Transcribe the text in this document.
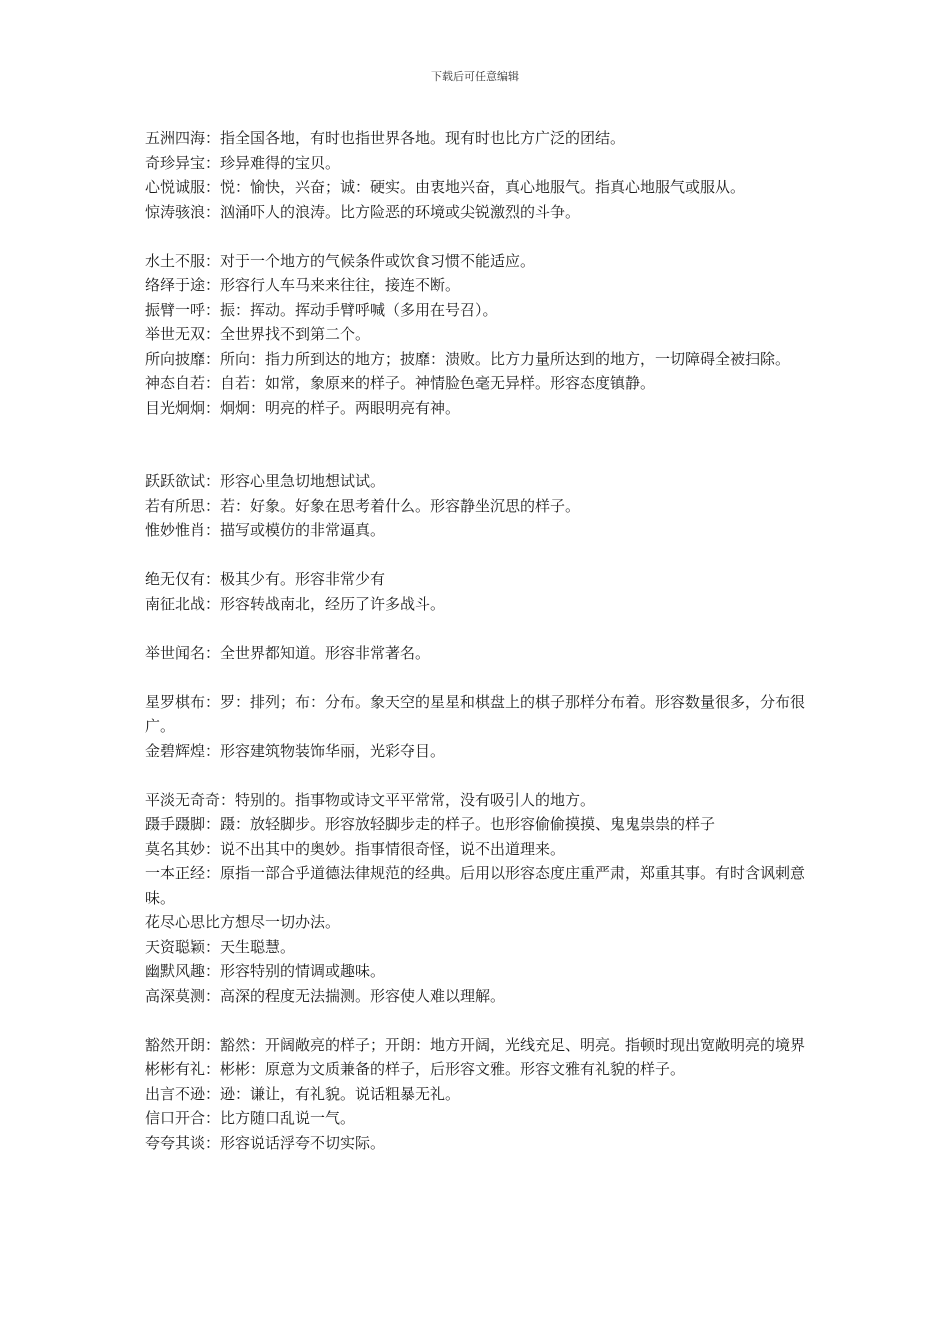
下载后可任意编辑

五洲四海：指全国各地，有时也指世界各地。现有时也比方广泛的团结。

奇珍异宝：珍异难得的宝贝。

心悦诚服：悦：愉快，兴奋；诚：硬实。由衷地兴奋，真心地服气。指真心地服气或服从。

惊涛骇浪：汹涌吓人的浪涛。比方险恶的环境或尖锐激烈的斗争。

水土不服：对于一个地方的气候条件或饮食习惯不能适应。

络绎于途：形容行人车马来来往往，接连不断。

振臂一呼：振：挥动。挥动手臂呼喊（多用在号召）。

举世无双：全世界找不到第二个。

所向披靡：所向：指力所到达的地方；披靡：溃败。比方力量所达到的地方，一切障碍全被扫除。

神态自若：自若：如常，象原来的样子。神情脸色毫无异样。形容态度镇静。

目光炯炯：炯炯：明亮的样子。两眼明亮有神。

跃跃欲试：形容心里急切地想试试。

若有所思：若：好象。好象在思考着什么。形容静坐沉思的样子。

惟妙惟肖：描写或模仿的非常逼真。

绝无仅有：极其少有。形容非常少有

南征北战：形容转战南北，经历了许多战斗。

举世闻名：全世界都知道。形容非常著名。

星罗棋布：罗：排列；布：分布。象天空的星星和棋盘上的棋子那样分布着。形容数量很多，分布很广。

金碧辉煌：形容建筑物装饰华丽，光彩夺目。

平淡无奇奇：特别的。指事物或诗文平平常常，没有吸引人的地方。

蹑手蹑脚：蹑：放轻脚步。形容放轻脚步走的样子。也形容偷偷摸摸、鬼鬼祟祟的样子

莫名其妙：说不出其中的奥妙。指事情很奇怪，说不出道理来。

一本正经：原指一部合乎道德法律规范的经典。后用以形容态度庄重严肃，郑重其事。有时含讽刺意味。

花尽心思比方想尽一切办法。

天资聪颖：天生聪慧。

幽默风趣：形容特别的情调或趣味。

高深莫测：高深的程度无法揣测。形容使人难以理解。

豁然开朗：豁然：开阔敞亮的样子；开朗：地方开阔，光线充足、明亮。指顿时现出宽敞明亮的境界

彬彬有礼：彬彬：原意为文质兼备的样子，后形容文雅。形容文雅有礼貌的样子。

出言不逊：逊：谦让，有礼貌。说话粗暴无礼。

信口开合：比方随口乱说一气。

夸夸其谈：形容说话浮夸不切实际。
